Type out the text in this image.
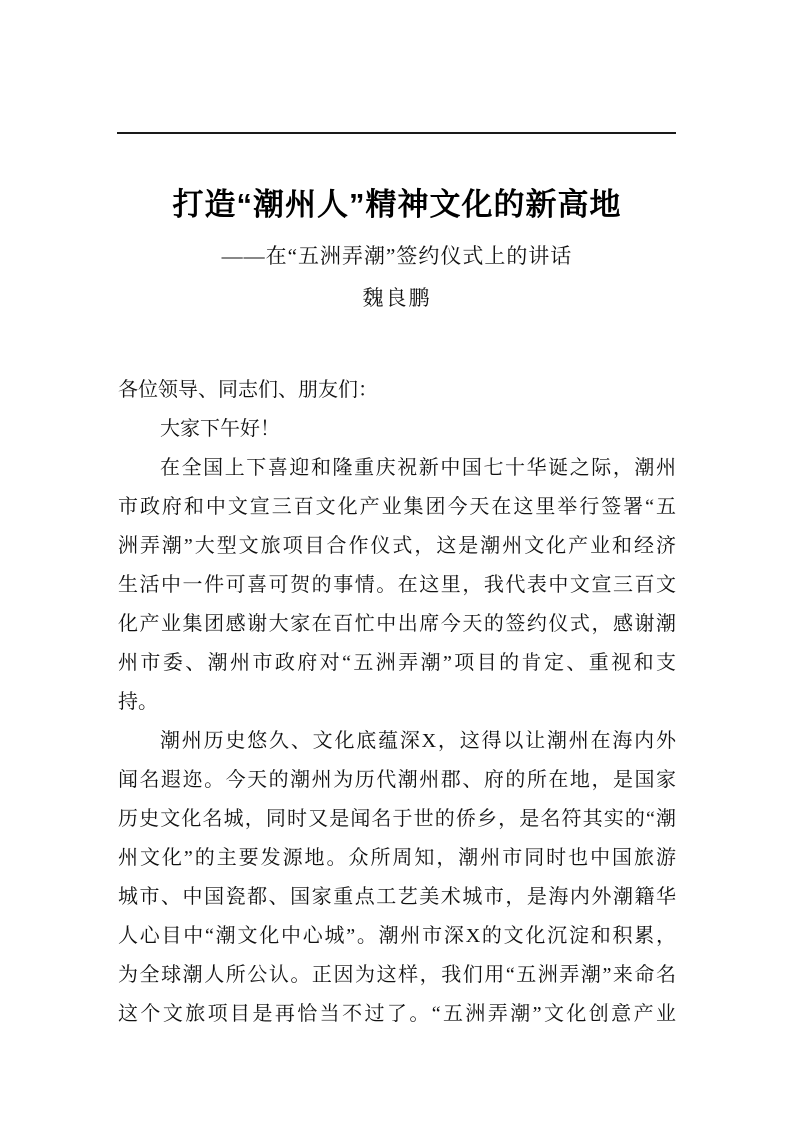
打造“潮州人”精神文化的新高地
——在“五洲弄潮”签约仪式上的讲话
魏良鹏
各位领导、同志们、朋友们：
大家下午好！
在全国上下喜迎和隆重庆祝新中国七十华诞之际，潮州
市政府和中文宣三百文化产业集团今天在这里举行签署“五
洲弄潮”大型文旅项目合作仪式，这是潮州文化产业和经济
生活中一件可喜可贺的事情。在这里，我代表中文宣三百文
化产业集团感谢大家在百忙中出席今天的签约仪式，感谢潮
州市委、潮州市政府对“五洲弄潮”项目的肯定、重视和支
持。
潮州历史悠久、文化底蕴深X，这得以让潮州在海内外
闻名遐迩。今天的潮州为历代潮州郡、府的所在地，是国家
历史文化名城，同时又是闻名于世的侨乡，是名符其实的“潮
州文化”的主要发源地。众所周知，潮州市同时也中国旅游
城市、中国瓷都、国家重点工艺美术城市，是海内外潮籍华
人心目中“潮文化中心城”。潮州市深X的文化沉淀和积累，
为全球潮人所公认。正因为这样，我们用“五洲弄潮”来命名
这个文旅项目是再恰当不过了。“五洲弄潮”文化创意产业
